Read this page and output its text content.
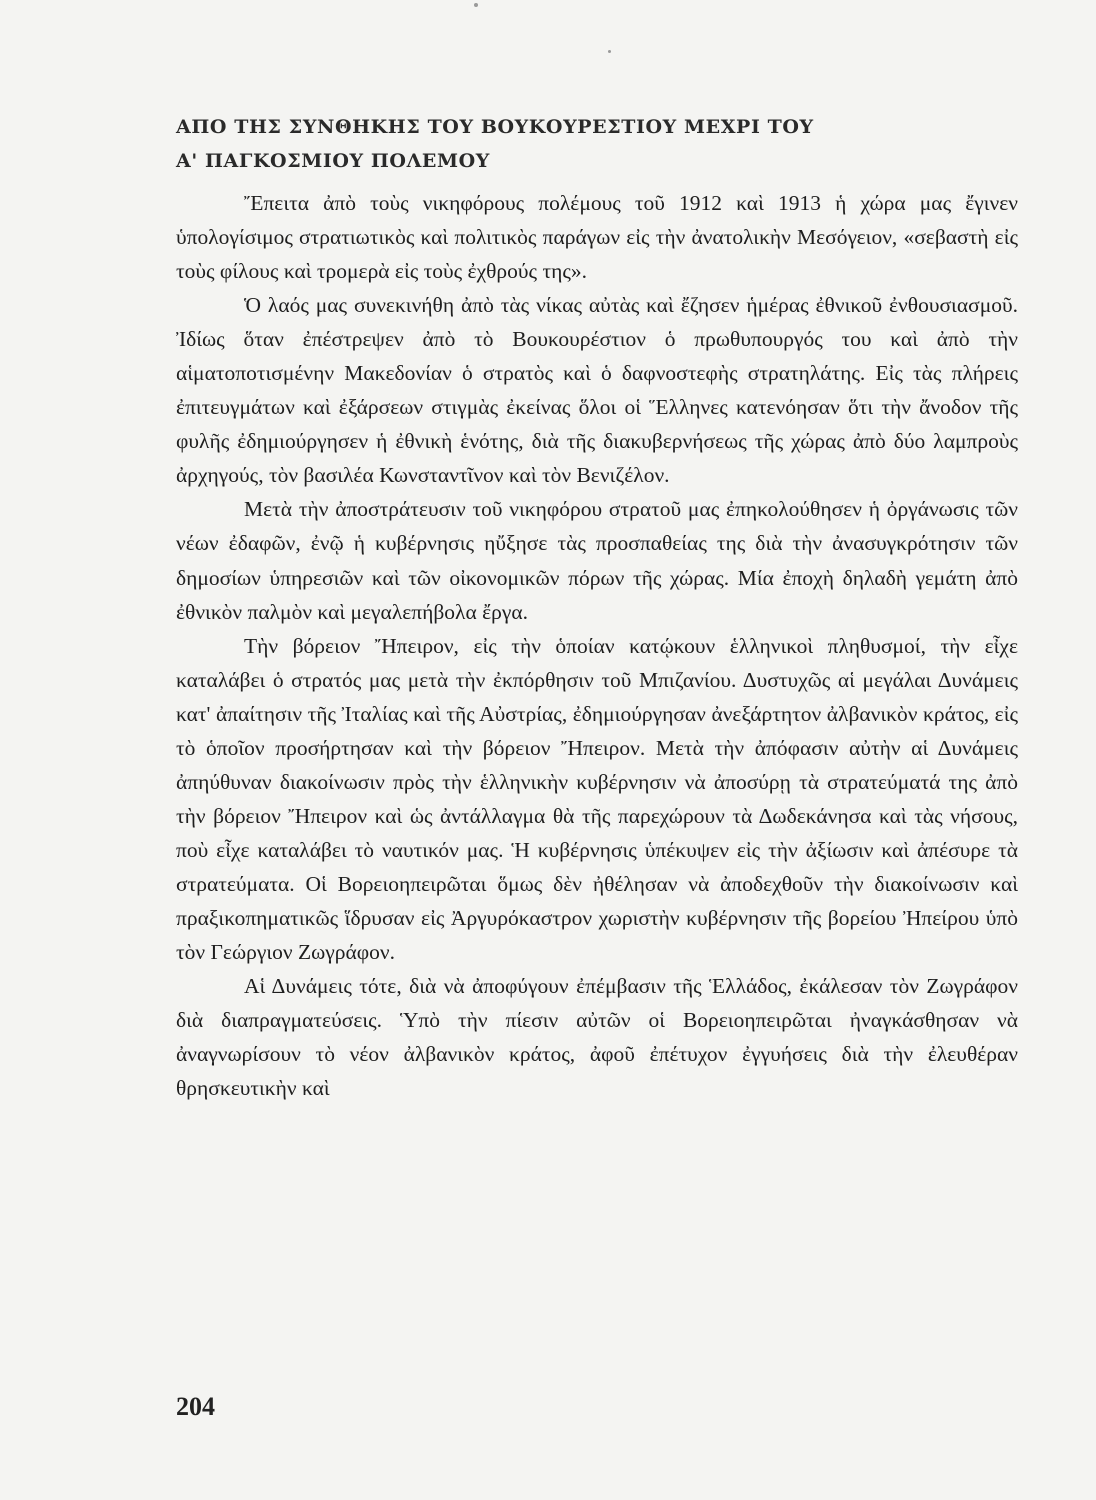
ΑΠΟ ΤΗΣ ΣΥΝΘΗΚΗΣ ΤΟΥ ΒΟΥΚΟΥΡΕΣΤΙΟΥ ΜΕΧΡΙ ΤΟΥ
Α' ΠΑΓΚΟΣΜΙΟΥ ΠΟΛΕΜΟΥ

Ἔπειτα ἀπὸ τοὺς νικηφόρους πολέμους τοῦ 1912 καὶ 1913 ἡ χώρα μας ἔγινεν ὑπολογίσιμος στρατιωτικὸς καὶ πολιτικὸς παράγων εἰς τὴν ἀνατολικὴν Μεσόγειον, «σεβαστὴ εἰς τοὺς φίλους καὶ τρομερὰ εἰς τοὺς ἐχθρούς της».

Ὁ λαός μας συνεκινήθη ἀπὸ τὰς νίκας αὐτὰς καὶ ἔζησεν ἡμέρας ἐθνικοῦ ἐνθουσιασμοῦ. Ἰδίως ὅταν ἐπέστρεψεν ἀπὸ τὸ Βουκουρέστιον ὁ πρωθυπουργός του καὶ ἀπὸ τὴν αἱματοποτισμένην Μακεδονίαν ὁ στρατὸς καὶ ὁ δαφνοστεφὴς στρατηλάτης. Εἰς τὰς πλήρεις ἐπιτευγμάτων καὶ ἐξάρσεων στιγμὰς ἐκείνας ὅλοι οἱ Ἕλληνες κατενόησαν ὅτι τὴν ἄνοδον τῆς φυλῆς ἐδημιούργησεν ἡ ἐθνικὴ ἑνότης, διὰ τῆς διακυβερνήσεως τῆς χώρας ἀπὸ δύο λαμπροὺς ἀρχηγούς, τὸν βασιλέα Κωνσταντῖνον καὶ τὸν Βενιζέλον.

Μετὰ τὴν ἀποστράτευσιν τοῦ νικηφόρου στρατοῦ μας ἐπηκολούθησεν ἡ ὀργάνωσις τῶν νέων ἐδαφῶν, ἐνῷ ἡ κυβέρνησις ηὔξησε τὰς προσπαθείας της διὰ τὴν ἀνασυγκρότησιν τῶν δημοσίων ὑπηρεσιῶν καὶ τῶν οἰκονομικῶν πόρων τῆς χώρας. Μία ἐποχὴ δηλαδὴ γεμάτη ἀπὸ ἐθνικὸν παλμὸν καὶ μεγαλεπήβολα ἔργα.

Τὴν βόρειον Ἤπειρον, εἰς τὴν ὁποίαν κατῴκουν ἑλληνικοὶ πληθυσμοί, τὴν εἶχε καταλάβει ὁ στρατός μας μετὰ τὴν ἐκπόρθησιν τοῦ Μπιζανίου. Δυστυχῶς αἱ μεγάλαι Δυνάμεις κατ' ἀπαίτησιν τῆς Ἰταλίας καὶ τῆς Αὐστρίας, ἐδημιούργησαν ἀνεξάρτητον ἀλβανικὸν κράτος, εἰς τὸ ὁποῖον προσήρτησαν καὶ τὴν βόρειον Ἤπειρον. Μετὰ τὴν ἀπόφασιν αὐτὴν αἱ Δυνάμεις ἀπηύθυναν διακοίνωσιν πρὸς τὴν ἑλληνικὴν κυβέρνησιν νὰ ἀποσύρῃ τὰ στρατεύματά της ἀπὸ τὴν βόρειον Ἤπειρον καὶ ὡς ἀντάλλαγμα θὰ τῆς παρεχώρουν τὰ Δωδεκάνησα καὶ τὰς νήσους, ποὺ εἶχε καταλάβει τὸ ναυτικόν μας. Ἡ κυβέρνησις ὑπέκυψεν εἰς τὴν ἀξίωσιν καὶ ἀπέσυρε τὰ στρατεύματα. Οἱ Βορειοηπειρῶται ὅμως δὲν ἠθέλησαν νὰ ἀποδεχθοῦν τὴν διακοίνωσιν καὶ πραξικοπηματικῶς ἵδρυσαν εἰς Ἀργυρόκαστρον χωριστὴν κυβέρνησιν τῆς βορείου Ἠπείρου ὑπὸ τὸν Γεώργιον Ζωγράφον.

Αἱ Δυνάμεις τότε, διὰ νὰ ἀποφύγουν ἐπέμβασιν τῆς Ἑλλάδος, ἐκάλεσαν τὸν Ζωγράφον διὰ διαπραγματεύσεις. Ὑπὸ τὴν πίεσιν αὐτῶν οἱ Βορειοηπειρῶται ἠναγκάσθησαν νὰ ἀναγνωρίσουν τὸ νέον ἀλβανικὸν κράτος, ἀφοῦ ἐπέτυχον ἐγγυήσεις διὰ τὴν ἐλευθέραν θρησκευτικὴν καὶ

204
